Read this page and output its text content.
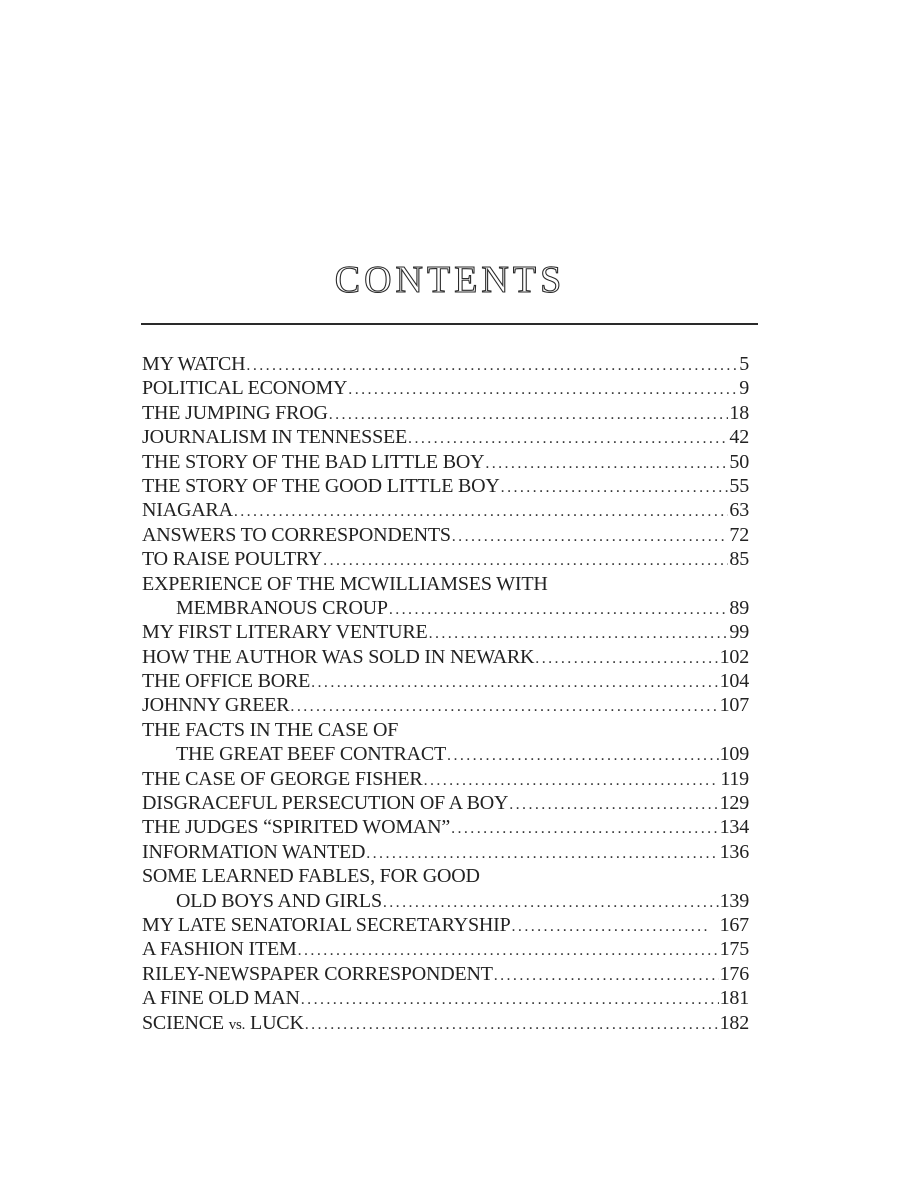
CONTENTS
MY WATCH .....	5
POLITICAL ECONOMY .....	9
THE JUMPING FROG .....	18
JOURNALISM IN TENNESSEE .....	42
THE STORY OF THE BAD LITTLE BOY .....	50
THE STORY OF THE GOOD LITTLE BOY .....	55
NIAGARA .....	63
ANSWERS TO CORRESPONDENTS .....	72
TO RAISE POULTRY .....	85
EXPERIENCE OF THE MCWILLIAMSES WITH
MEMBRANOUS CROUP .....	89
MY FIRST LITERARY VENTURE .....	99
HOW THE AUTHOR WAS SOLD IN NEWARK .....	102
THE OFFICE BORE .....	104
JOHNNY GREER .....	107
THE FACTS IN THE CASE OF
THE GREAT BEEF CONTRACT .....	109
THE CASE OF GEORGE FISHER .....	119
DISGRACEFUL PERSECUTION OF A BOY .....	129
THE JUDGES “SPIRITED WOMAN” .....	134
INFORMATION WANTED .....	136
SOME LEARNED FABLES, FOR GOOD
OLD BOYS AND GIRLS .....	139
MY LATE SENATORIAL SECRETARYSHIP .....	167
A FASHION ITEM .....	175
RILEY-NEWSPAPER CORRESPONDENT .....	176
A FINE OLD MAN .....	181
SCIENCE vs. LUCK .....	182
